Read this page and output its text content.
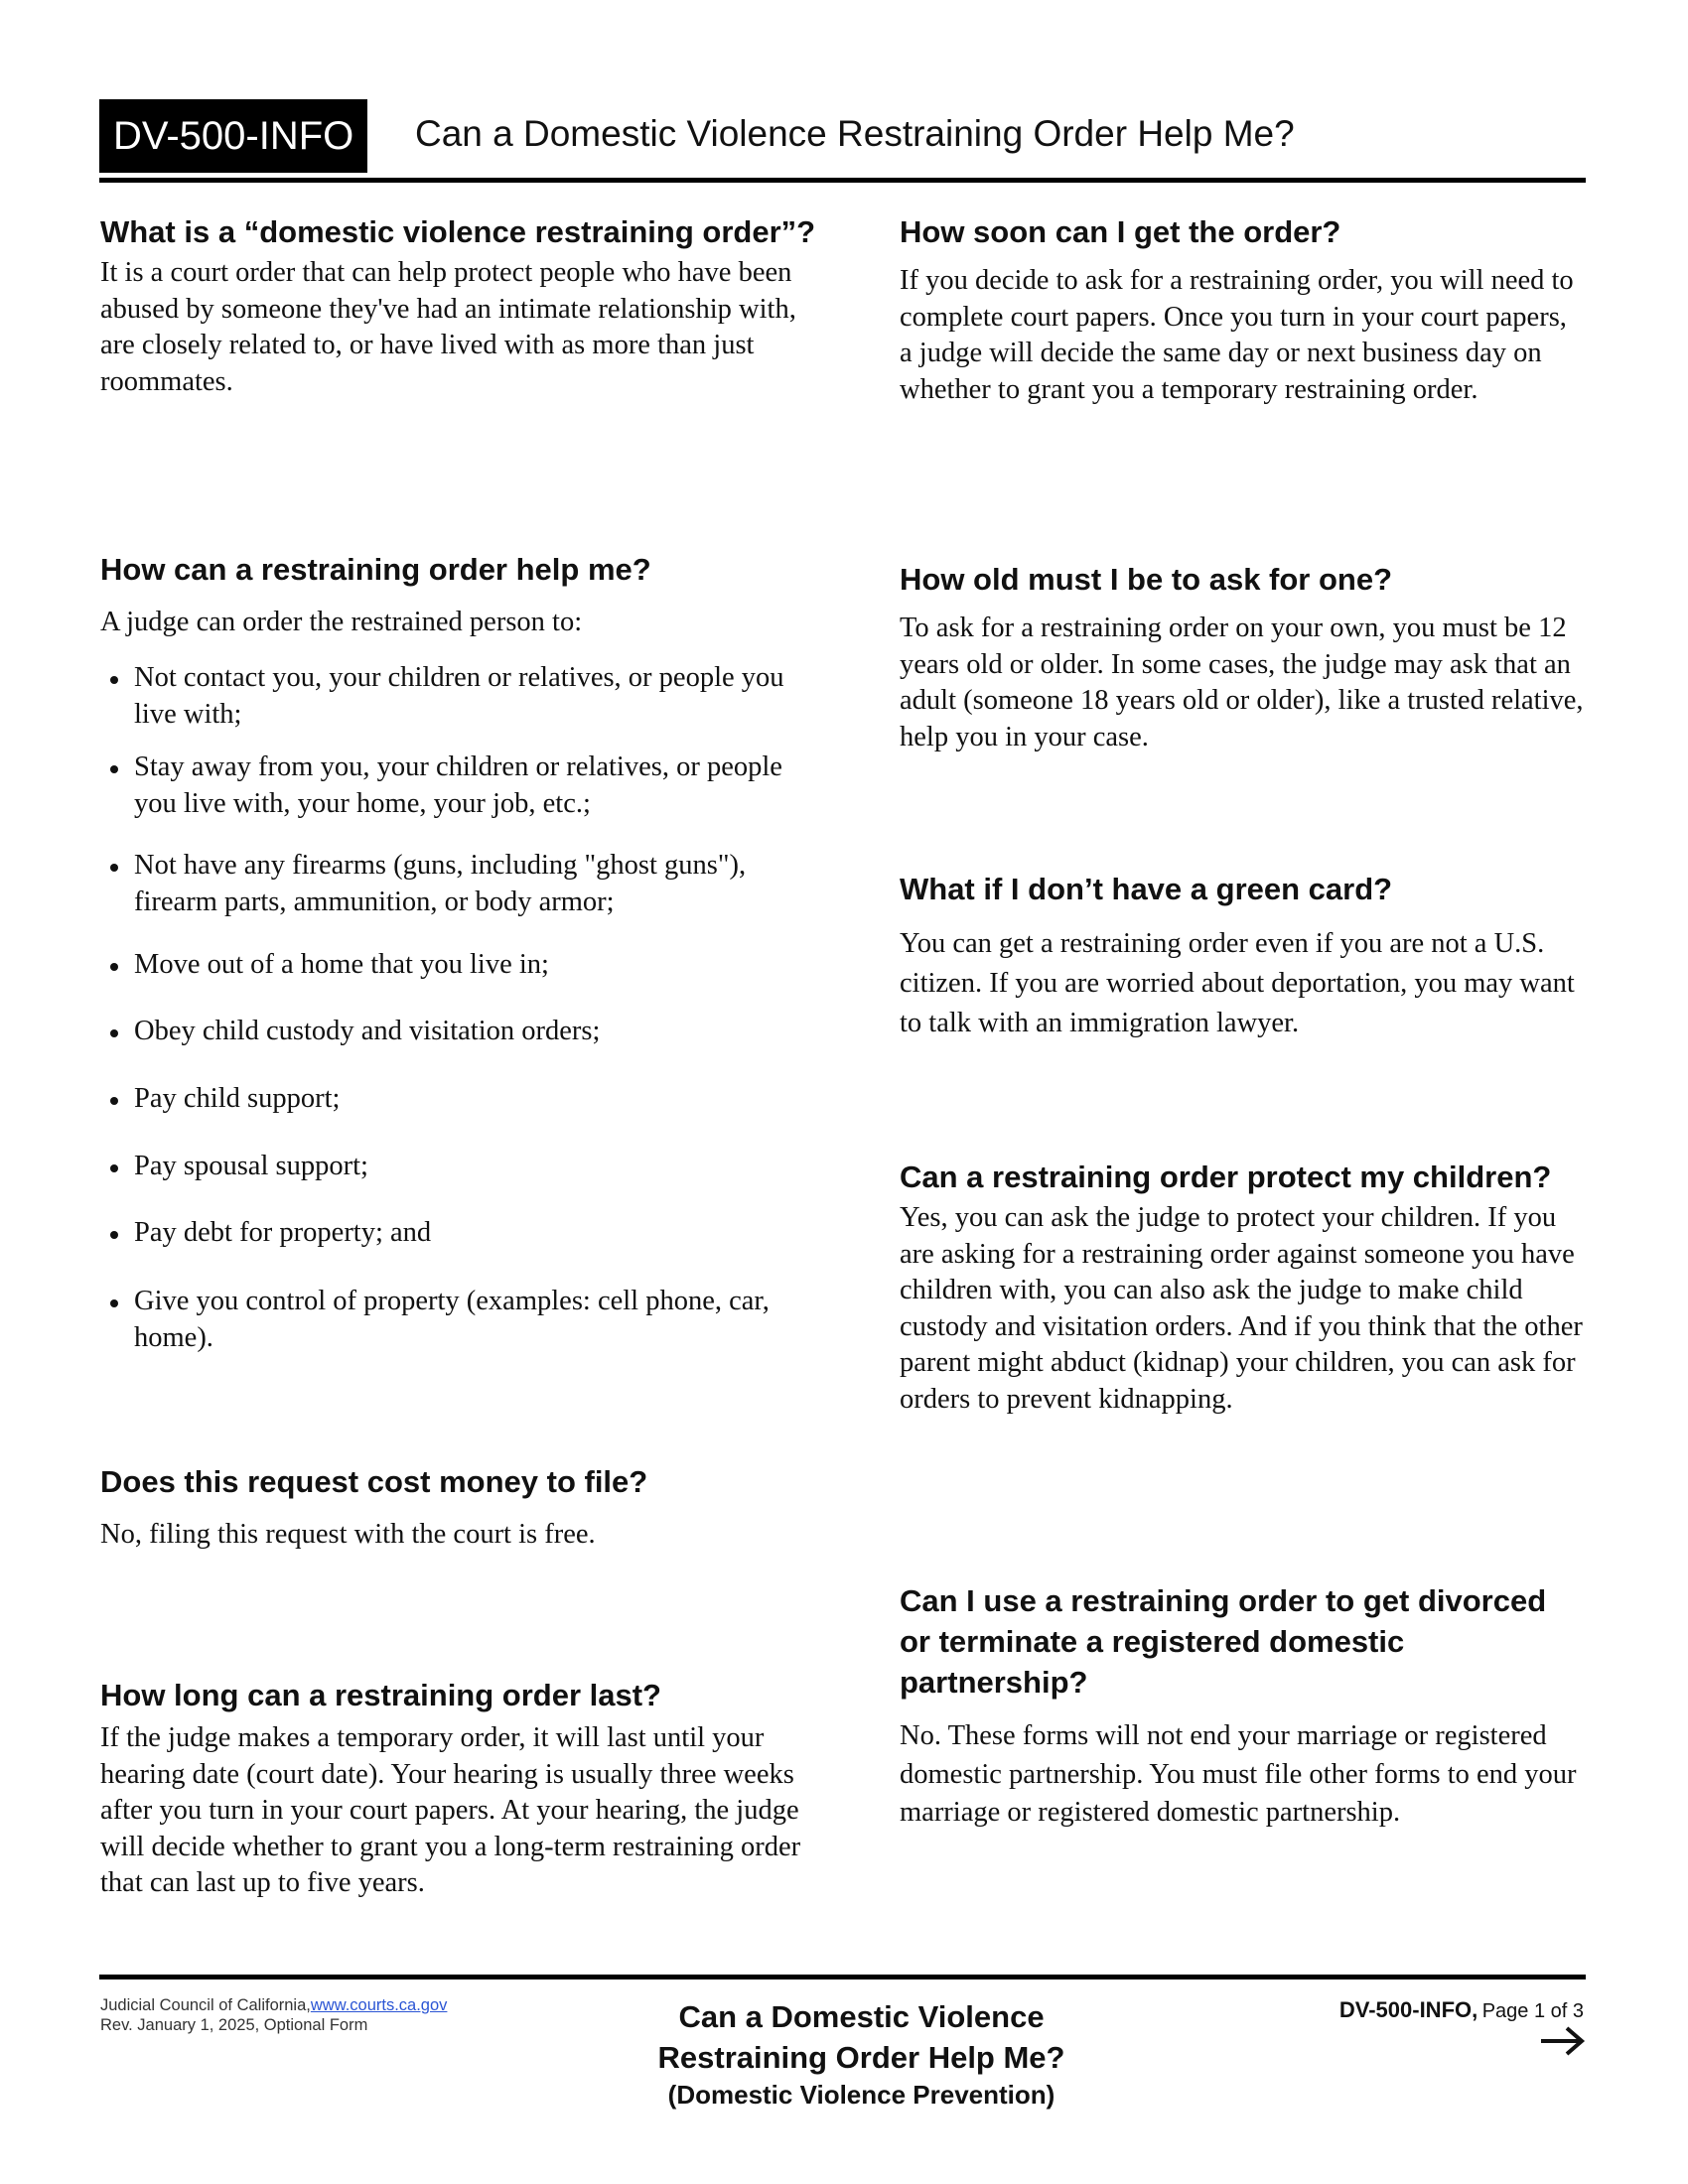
DV-500-INFO	Can a Domestic Violence Restraining Order Help Me?
What is a “domestic violence restraining order”?

It is a court order that can help protect people who have been abused by someone they've had an intimate relationship with, are closely related to, or have lived with as more than just roommates.

How can a restraining order help me?

A judge can order the restrained person to:

Not contact you, your children or relatives, or people you live with;
Stay away from you, your children or relatives, or people you live with, your home, your job, etc.;
Not have any firearms (guns, including "ghost guns"), firearm parts, ammunition, or body armor;
Move out of a home that you live in;
Obey child custody and visitation orders;
Pay child support;
Pay spousal support;
Pay debt for property; and
Give you control of property (examples: cell phone, car, home).
Does this request cost money to file?

No, filing this request with the court is free.

How long can a restraining order last?

If the judge makes a temporary order, it will last until your hearing date (court date). Your hearing is usually three weeks after you turn in your court papers. At your hearing, the judge will decide whether to grant you a long-term restraining order that can last up to five years.

How soon can I get the order?

If you decide to ask for a restraining order, you will need to complete court papers. Once you turn in your court papers, a judge will decide the same day or next business day on whether to grant you a temporary restraining order.

How old must I be to ask for one?

To ask for a restraining order on your own, you must be 12 years old or older. In some cases, the judge may ask that an adult (someone 18 years old or older), like a trusted relative, help you in your case.

What if I don’t have a green card?

You can get a restraining order even if you are not a U.S. citizen. If you are worried about deportation, you may want to talk with an immigration lawyer.

Can a restraining order protect my children?

Yes, you can ask the judge to protect your children. If you are asking for a restraining order against someone you have children with, you can also ask the judge to make child custody and visitation orders. And if you think that the other parent might abduct (kidnap) your children, you can ask for orders to prevent kidnapping.

Can I use a restraining order to get divorced or terminate a registered domestic partnership?

No. These forms will not end your marriage or registered domestic partnership. You must file other forms to end your marriage or registered domestic partnership.

Judicial Council of California,www.courts.ca.gov
Rev. January 1, 2025, Optional Form	Can a Domestic Violence
Restraining Order Help Me?
(Domestic Violence Prevention)
DV-500-INFO, Page 1 of 3
